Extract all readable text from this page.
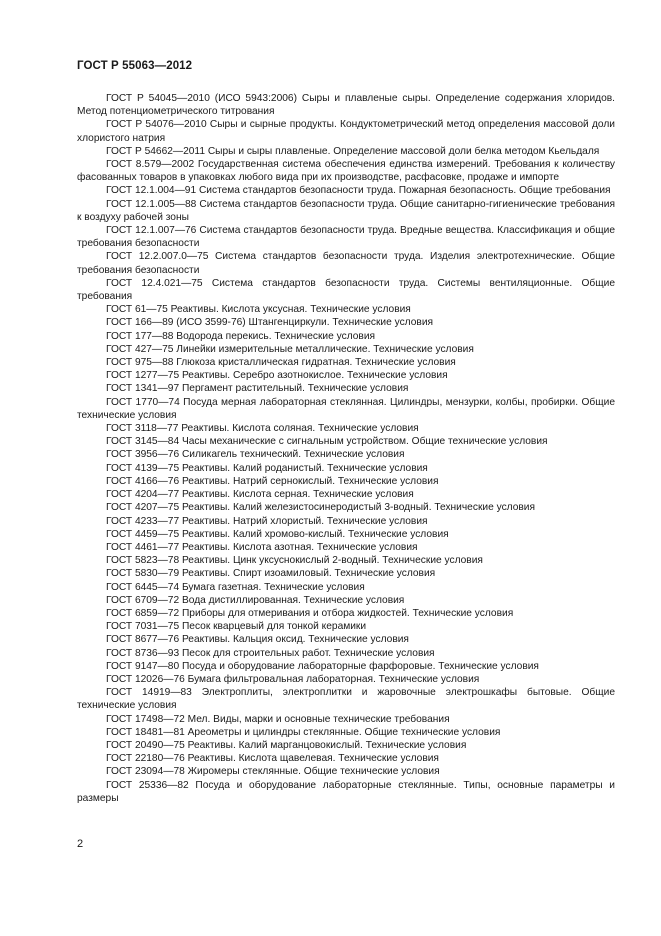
ГОСТ Р 55063—2012

ГОСТ Р 54045—2010 (ИСО 5943:2006) Сыры и плавленые сыры. Определение содержания хлоридов. Метод потенциометрического титрования

ГОСТ Р 54076—2010 Сыры и сырные продукты. Кондуктометрический метод определения массовой доли хлористого натрия

ГОСТ Р 54662—2011 Сыры и сыры плавленые. Определение массовой доли белка методом Кьельдаля

ГОСТ 8.579—2002 Государственная система обеспечения единства измерений. Требования к количеству фасованных товаров в упаковках любого вида при их производстве, расфасовке, продаже и импорте

ГОСТ 12.1.004—91 Система стандартов безопасности труда. Пожарная безопасность. Общие требования

ГОСТ 12.1.005—88 Система стандартов безопасности труда. Общие санитарно-гигиенические требования к воздуху рабочей зоны

ГОСТ 12.1.007—76 Система стандартов безопасности труда. Вредные вещества. Классификация и общие требования безопасности

ГОСТ 12.2.007.0—75 Система стандартов безопасности труда. Изделия электротехнические. Общие требования безопасности

ГОСТ 12.4.021—75 Система стандартов безопасности труда. Системы вентиляционные. Общие требования

ГОСТ 61—75 Реактивы. Кислота уксусная. Технические условия

ГОСТ 166—89 (ИСО 3599-76) Штангенциркули. Технические условия

ГОСТ 177—88 Водорода перекись. Технические условия

ГОСТ 427—75 Линейки измерительные металлические. Технические условия

ГОСТ 975—88 Глюкоза кристаллическая гидратная. Технические условия

ГОСТ 1277—75 Реактивы. Серебро азотнокислое. Технические условия

ГОСТ 1341—97 Пергамент растительный. Технические условия

ГОСТ 1770—74 Посуда мерная лабораторная стеклянная. Цилиндры, мензурки, колбы, пробирки. Общие технические условия

ГОСТ 3118—77 Реактивы. Кислота соляная. Технические условия

ГОСТ 3145—84 Часы механические с сигнальным устройством. Общие технические условия

ГОСТ 3956—76 Силикагель технический. Технические условия

ГОСТ 4139—75 Реактивы. Калий роданистый. Технические условия

ГОСТ 4166—76 Реактивы. Натрий сернокислый. Технические условия

ГОСТ 4204—77 Реактивы. Кислота серная. Технические условия

ГОСТ 4207—75 Реактивы. Калий железистосинеродистый 3-водный. Технические условия

ГОСТ 4233—77 Реактивы. Натрий хлористый. Технические условия

ГОСТ 4459—75 Реактивы. Калий хромово-кислый. Технические условия

ГОСТ 4461—77 Реактивы. Кислота азотная. Технические условия

ГОСТ 5823—78 Реактивы. Цинк уксуснокислый 2-водный. Технические условия

ГОСТ 5830—79 Реактивы. Спирт изоамиловый. Технические условия

ГОСТ 6445—74 Бумага газетная. Технические условия

ГОСТ 6709—72 Вода дистиллированная. Технические условия

ГОСТ 6859—72 Приборы для отмеривания и отбора жидкостей. Технические условия

ГОСТ 7031—75 Песок кварцевый для тонкой керамики

ГОСТ 8677—76 Реактивы. Кальция оксид. Технические условия

ГОСТ 8736—93 Песок для строительных работ. Технические условия

ГОСТ 9147—80 Посуда и оборудование лабораторные фарфоровые. Технические условия

ГОСТ 12026—76 Бумага фильтровальная лабораторная. Технические условия

ГОСТ 14919—83 Электроплиты, электроплитки и жаровочные электрошкафы бытовые. Общие технические условия

ГОСТ 17498—72 Мел. Виды, марки и основные технические требования

ГОСТ 18481—81 Ареометры и цилиндры стеклянные. Общие технические условия

ГОСТ 20490—75 Реактивы. Калий марганцовокислый. Технические условия

ГОСТ 22180—76 Реактивы. Кислота щавелевая. Технические условия

ГОСТ 23094—78 Жиромеры стеклянные. Общие технические условия

ГОСТ 25336—82 Посуда и оборудование лабораторные стеклянные. Типы, основные параметры и размеры

2
